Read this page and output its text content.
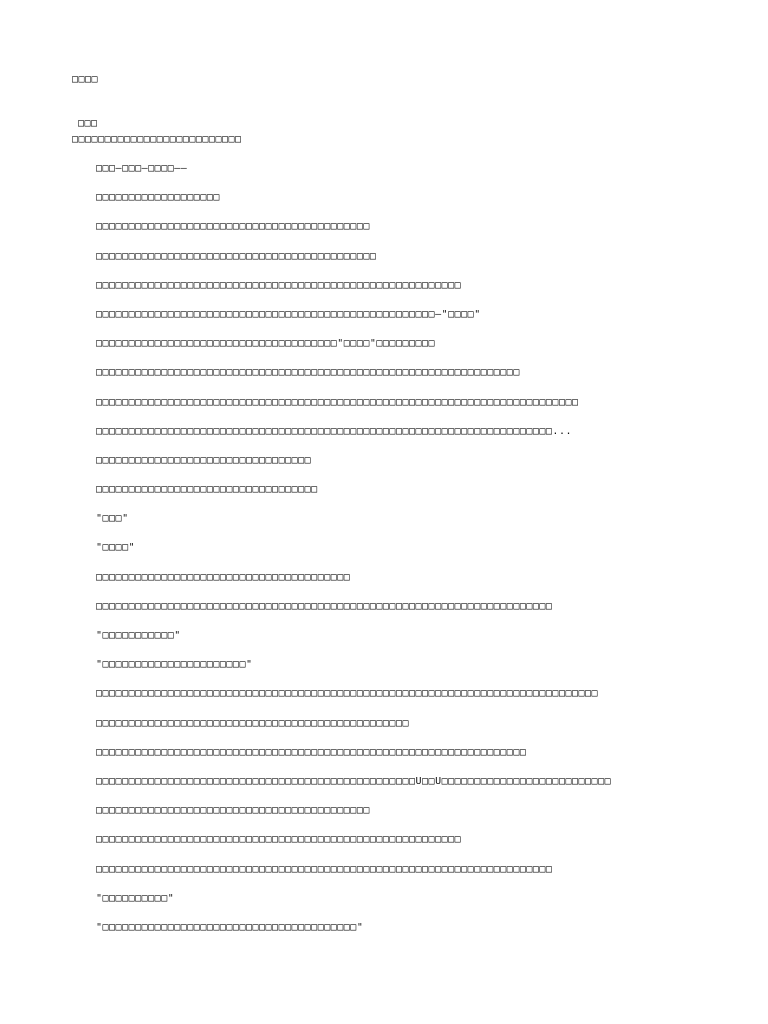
□□□□
□□□
□□□□□□□□□□□□□□□□□□□□□□□□□□
□□□—□□□—□□□□——
□□□□□□□□□□□□□□□□□□□
□□□□□□□□□□□□□□□□□□□□□□□□□□□□□□□□□□□□□□□□□□
□□□□□□□□□□□□□□□□□□□□□□□□□□□□□□□□□□□□□□□□□□□
□□□□□□□□□□□□□□□□□□□□□□□□□□□□□□□□□□□□□□□□□□□□□□□□□□□□□□□□
□□□□□□□□□□□□□□□□□□□□□□□□□□□□□□□□□□□□□□□□□□□□□□□□□□□□—"□□□□"
□□□□□□□□□□□□□□□□□□□□□□□□□□□□□□□□□□□□□"□□□□"□□□□□□□□□
□□□□□□□□□□□□□□□□□□□□□□□□□□□□□□□□□□□□□□□□□□□□□□□□□□□□□□□□□□□□□□□□□
□□□□□□□□□□□□□□□□□□□□□□□□□□□□□□□□□□□□□□□□□□□□□□□□□□□□□□□□□□□□□□□□□□□□□□□□□□
□□□□□□□□□□□□□□□□□□□□□□□□□□□□□□□□□□□□□□□□□□□□□□□□□□□□□□□□□□□□□□□□□□□□□□...
□□□□□□□□□□□□□□□□□□□□□□□□□□□□□□□□□
□□□□□□□□□□□□□□□□□□□□□□□□□□□□□□□□□□
"□□□"
"□□□□"
□□□□□□□□□□□□□□□□□□□□□□□□□□□□□□□□□□□□□□□
□□□□□□□□□□□□□□□□□□□□□□□□□□□□□□□□□□□□□□□□□□□□□□□□□□□□□□□□□□□□□□□□□□□□□□
"□□□□□□□□□□□"
"□□□□□□□□□□□□□□□□□□□□□□"
□□□□□□□□□□□□□□□□□□□□□□□□□□□□□□□□□□□□□□□□□□□□□□□□□□□□□□□□□□□□□□□□□□□□□□□□□□□□□
□□□□□□□□□□□□□□□□□□□□□□□□□□□□□□□□□□□□□□□□□□□□□□□□
□□□□□□□□□□□□□□□□□□□□□□□□□□□□□□□□□□□□□□□□□□□□□□□□□□□□□□□□□□□□□□□□□□
□□□□□□□□□□□□□□□□□□□□□□□□□□□□□□□□□□□□□□□□□□□□□□□□□U□□U□□□□□□□□□□□□□□□□□□□□□□□□□□
□□□□□□□□□□□□□□□□□□□□□□□□□□□□□□□□□□□□□□□□□□
□□□□□□□□□□□□□□□□□□□□□□□□□□□□□□□□□□□□□□□□□□□□□□□□□□□□□□□□
□□□□□□□□□□□□□□□□□□□□□□□□□□□□□□□□□□□□□□□□□□□□□□□□□□□□□□□□□□□□□□□□□□□□□□
"□□□□□□□□□□"
"□□□□□□□□□□□□□□□□□□□□□□□□□□□□□□□□□□□□□□□"
